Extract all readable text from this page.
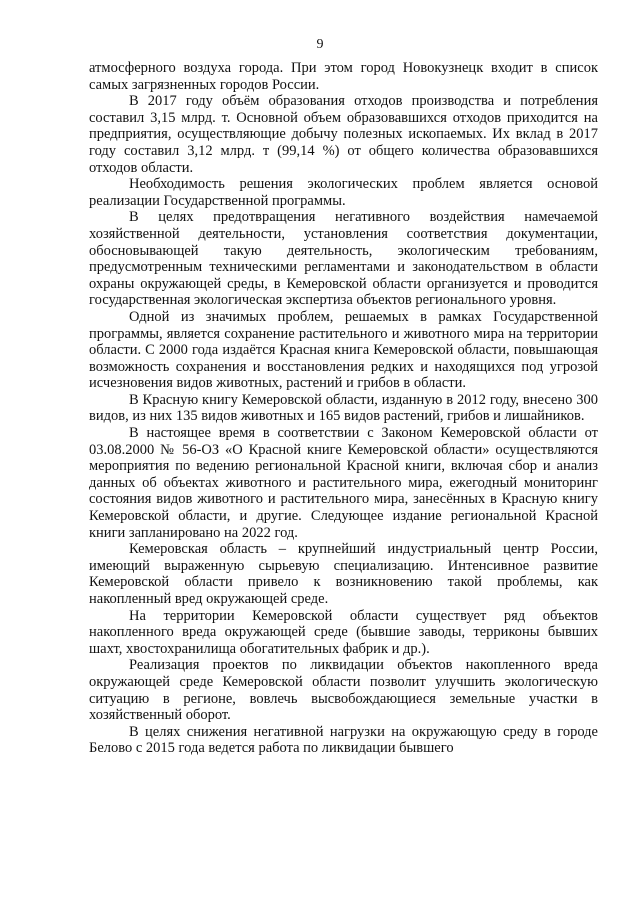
9

атмосферного воздуха города. При этом город Новокузнецк входит в список самых загрязненных городов России.

В 2017 году объём образования отходов производства и потребления составил 3,15 млрд. т. Основной объем образовавшихся отходов приходится на предприятия, осуществляющие добычу полезных ископаемых. Их вклад в 2017 году составил 3,12 млрд. т (99,14 %) от общего количества образовавшихся отходов области.

Необходимость решения экологических проблем является основой реализации Государственной программы.

В целях предотвращения негативного воздействия намечаемой хозяйственной деятельности, установления соответствия документации, обосновывающей такую деятельность, экологическим требованиям, предусмотренным техническими регламентами и законодательством в области охраны окружающей среды, в Кемеровской области организуется и проводится государственная экологическая экспертиза объектов регионального уровня.

Одной из значимых проблем, решаемых в рамках Государственной программы, является сохранение растительного и животного мира на территории области. С 2000 года издаётся Красная книга Кемеровской области, повышающая возможность сохранения и восстановления редких и находящихся под угрозой исчезновения видов животных, растений и грибов в области.

В Красную книгу Кемеровской области, изданную в 2012 году, внесено 300 видов, из них 135 видов животных и 165 видов растений, грибов и лишайников.

В настоящее время в соответствии с Законом Кемеровской области от 03.08.2000 № 56-ОЗ «О Красной книге Кемеровской области» осуществляются мероприятия по ведению региональной Красной книги, включая сбор и анализ данных об объектах животного и растительного мира, ежегодный мониторинг состояния видов животного и растительного мира, занесённых в Красную книгу Кемеровской области, и другие. Следующее издание региональной Красной книги запланировано на 2022 год.

Кемеровская область – крупнейший индустриальный центр России, имеющий выраженную сырьевую специализацию. Интенсивное развитие Кемеровской области привело к возникновению такой проблемы, как накопленный вред окружающей среде.

На территории Кемеровской области существует ряд объектов накопленного вреда окружающей среде (бывшие заводы, терриконы бывших шахт, хвостохранилища обогатительных фабрик и др.).

Реализация проектов по ликвидации объектов накопленного вреда окружающей среде Кемеровской области позволит улучшить экологическую ситуацию в регионе, вовлечь высвобождающиеся земельные участки в хозяйственный оборот.

В целях снижения негативной нагрузки на окружающую среду в городе Белово с 2015 года ведется работа по ликвидации бывшего
